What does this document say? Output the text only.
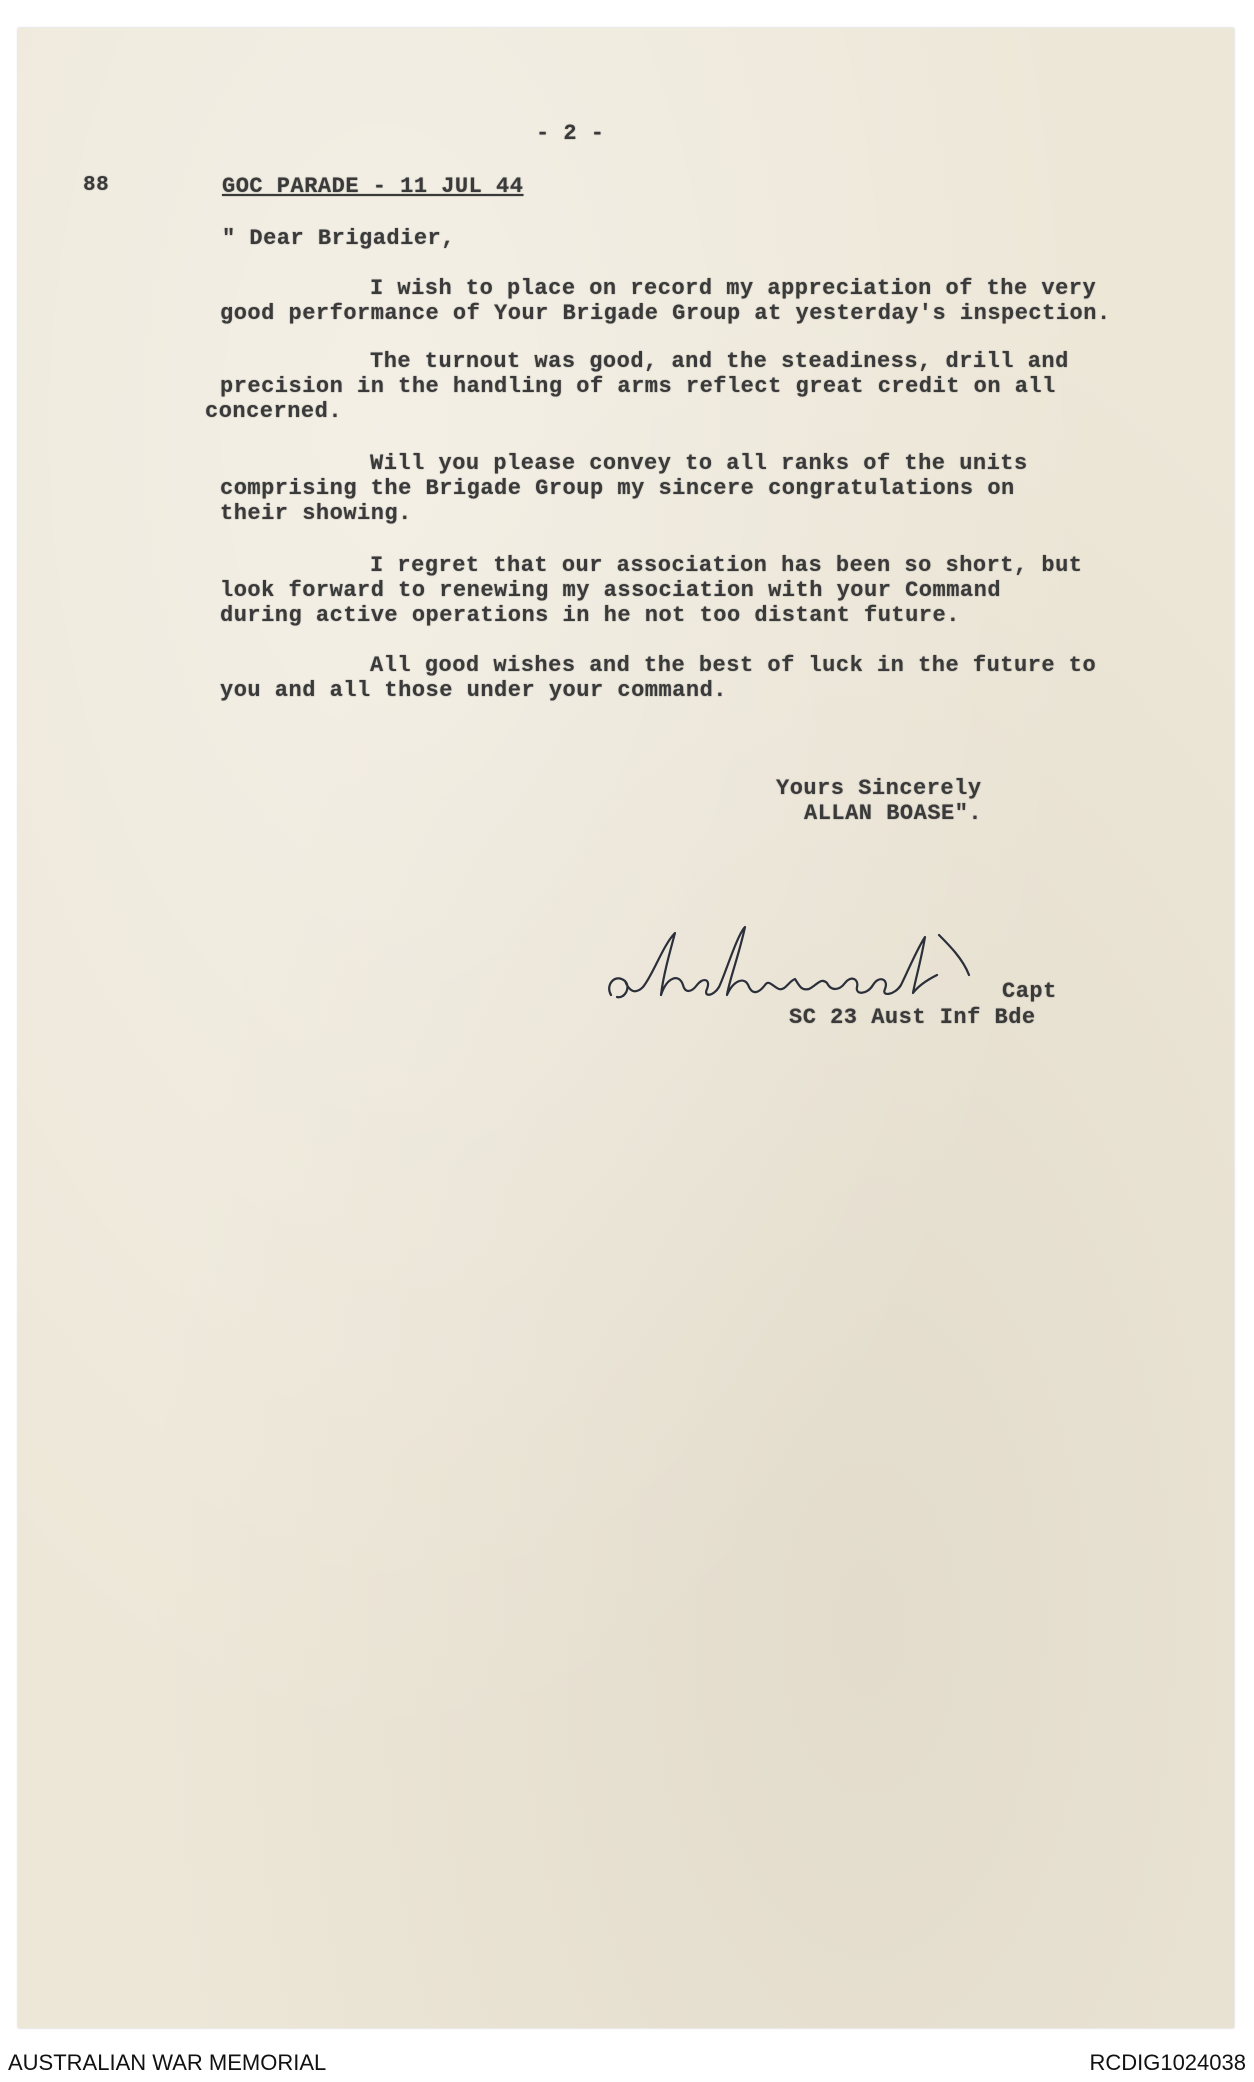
- 2 -
88	GOC PARADE - 11 JUL 44
" Dear Brigadier,
I wish to place on record my appreciation of the very
good performance of Your Brigade Group at yesterday's inspection.
The turnout was good, and the steadiness, drill and
precision in the handling of arms reflect great credit on all
concerned.
Will you please convey to all ranks of the units
comprising the Brigade Group my sincere congratulations on
their showing.
I regret that our association has been so short, but
look forward to renewing my association with your Command
during active operations in he not too distant future.
All good wishes and the best of luck in the future to
you and all those under your command.
Yours Sincerely
ALLAN BOASE".
Capt
SC 23 Aust Inf Bde
AUSTRALIAN WAR MEMORIAL	RCDIG1024038
